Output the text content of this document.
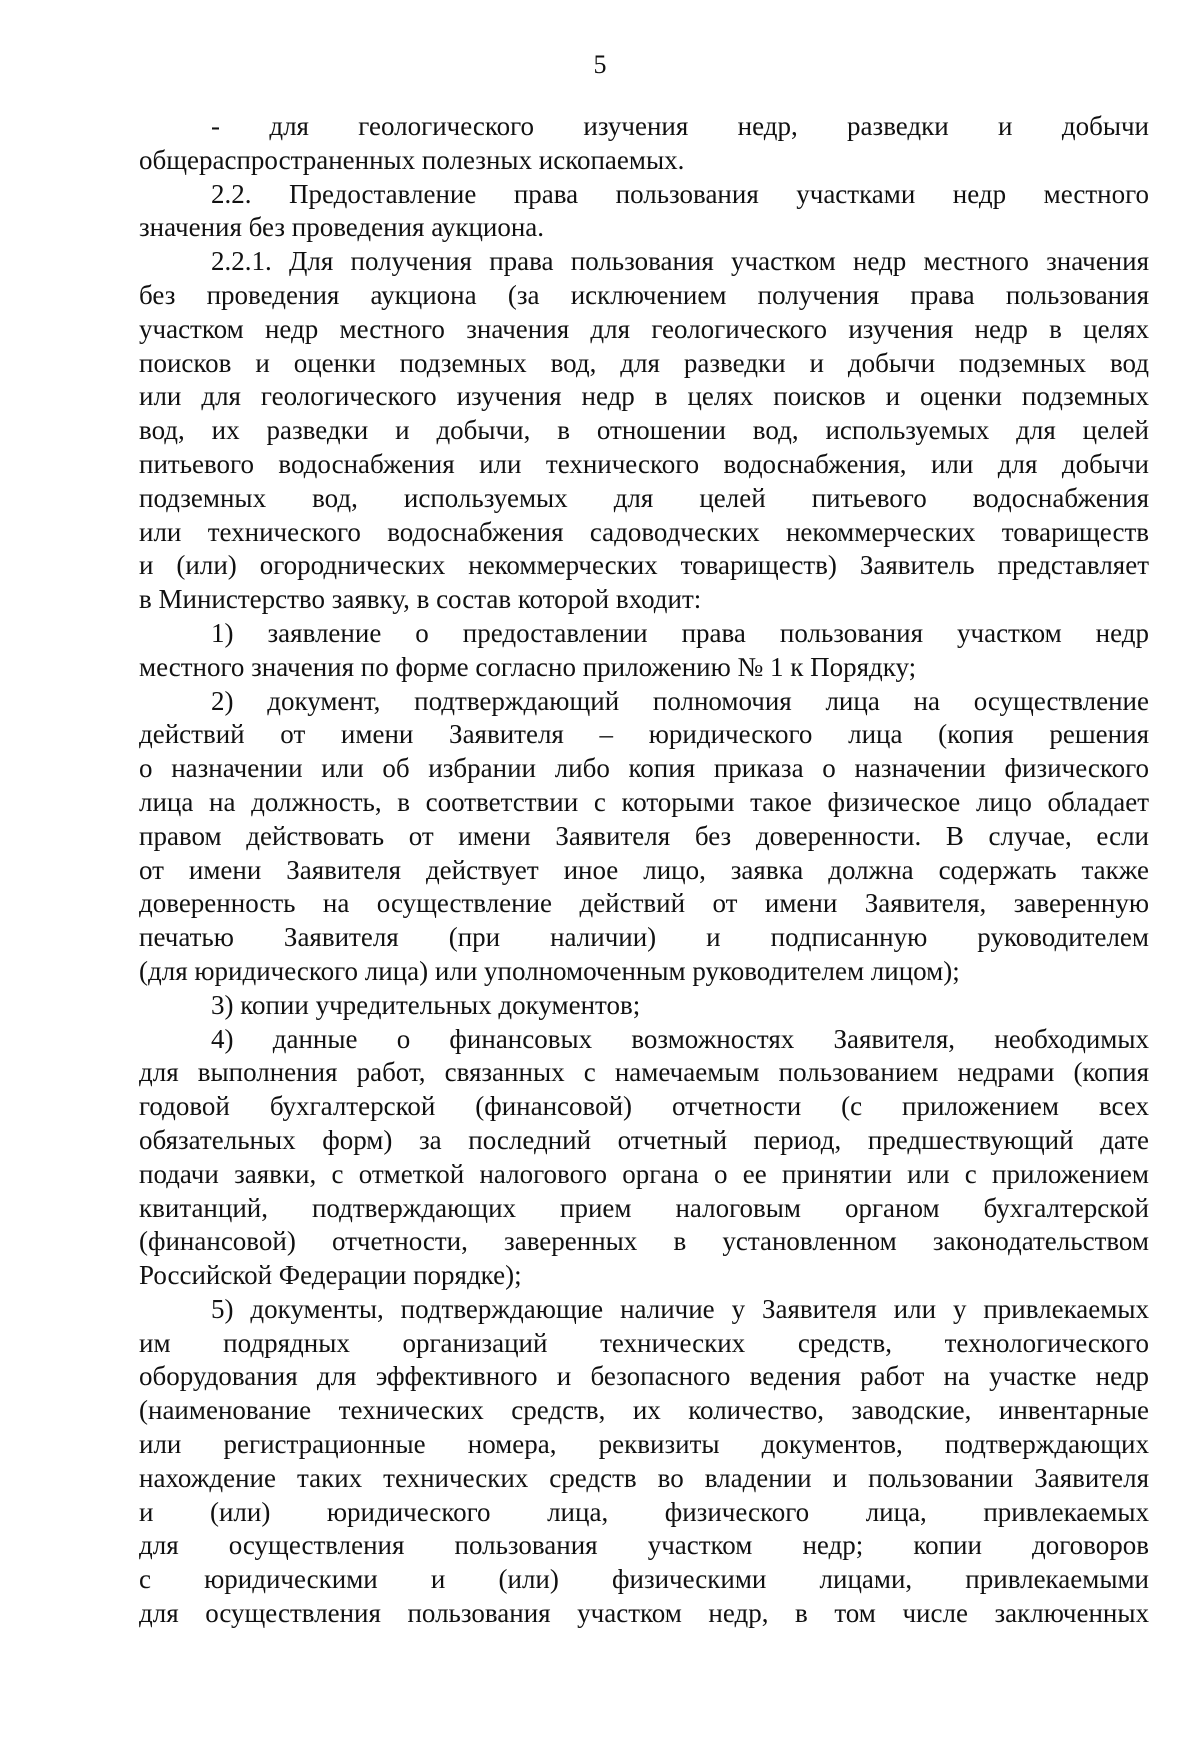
5
- для геологического изучения недр, разведки и добычи
общераспространенных полезных ископаемых.
2.2. Предоставление права пользования участками недр местного
значения без проведения аукциона.
2.2.1. Для получения права пользования участком недр местного значения
без проведения аукциона (за исключением получения права пользования
участком недр местного значения для геологического изучения недр в целях
поисков и оценки подземных вод, для разведки и добычи подземных вод
или для геологического изучения недр в целях поисков и оценки подземных
вод, их разведки и добычи, в отношении вод, используемых для целей
питьевого водоснабжения или технического водоснабжения, или для добычи
подземных вод, используемых для целей питьевого водоснабжения
или технического водоснабжения садоводческих некоммерческих товариществ
и (или) огороднических некоммерческих товариществ) Заявитель представляет
в Министерство заявку, в состав которой входит:
1) заявление о предоставлении права пользования участком недр
местного значения по форме согласно приложению № 1 к Порядку;
2) документ, подтверждающий полномочия лица на осуществление
действий от имени Заявителя – юридического лица (копия решения
о назначении или об избрании либо копия приказа о назначении физического
лица на должность, в соответствии с которыми такое физическое лицо обладает
правом действовать от имени Заявителя без доверенности. В случае, если
от имени Заявителя действует иное лицо, заявка должна содержать также
доверенность на осуществление действий от имени Заявителя, заверенную
печатью Заявителя (при наличии) и подписанную руководителем
(для юридического лица) или уполномоченным руководителем лицом);
3) копии учредительных документов;
4) данные о финансовых возможностях Заявителя, необходимых
для выполнения работ, связанных с намечаемым пользованием недрами (копия
годовой бухгалтерской (финансовой) отчетности (с приложением всех
обязательных форм) за последний отчетный период, предшествующий дате
подачи заявки, с отметкой налогового органа о ее принятии или с приложением
квитанций, подтверждающих прием налоговым органом бухгалтерской
(финансовой) отчетности, заверенных в установленном законодательством
Российской Федерации порядке);
5) документы, подтверждающие наличие у Заявителя или у привлекаемых
им подрядных организаций технических средств, технологического
оборудования для эффективного и безопасного ведения работ на участке недр
(наименование технических средств, их количество, заводские, инвентарные
или регистрационные номера, реквизиты документов, подтверждающих
нахождение таких технических средств во владении и пользовании Заявителя
и (или) юридического лица, физического лица, привлекаемых
для осуществления пользования участком недр; копии договоров
с юридическими и (или) физическими лицами, привлекаемыми
для осуществления пользования участком недр, в том числе заключенных
